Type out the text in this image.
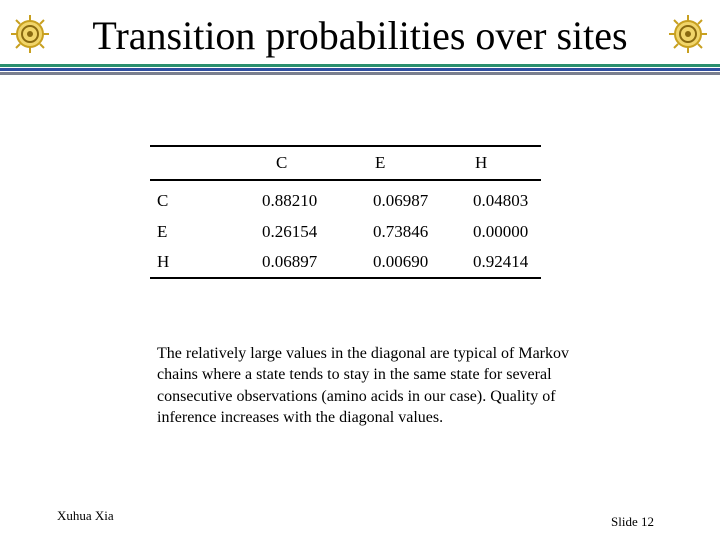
Transition probabilities over sites
	C	E	H
C	0.88210	0.06987	0.04803
E	0.26154	0.73846	0.00000
H	0.06897	0.00690	0.92414
The relatively large values in the diagonal are typical of Markov chains where a state tends to stay in the same state for several consecutive observations (amino acids in our case). Quality of inference increases with the diagonal values.
Xuhua Xia	Slide 12
